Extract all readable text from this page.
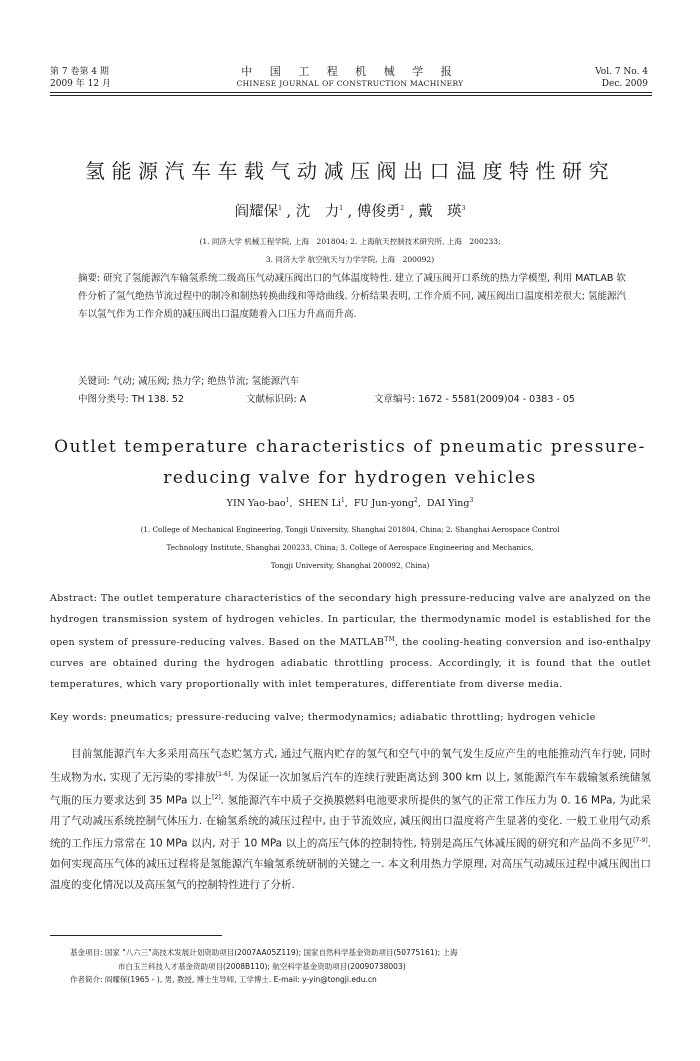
第 7 卷第 4 期
2009 年 12 月
中 国 工 程 机 械 学 报
CHINESE JOURNAL OF CONSTRUCTION MACHINERY
Vol. 7 No. 4
Dec. 2009
氢能源汽车车载气动减压阀出口温度特性研究
阎耀保$^1$ , 沈　力$^1$ , 傅俊勇$^2$ , 戴　瑛$^3$
(1. 同济大学 机械工程学院, 上海　201804; 2. 上海航天控制技术研究所, 上海　200233;
3. 同济大学 航空航天与力学学院, 上海　200092)
摘要: 研究了氢能源汽车输氢系统二级高压气动减压阀出口的气体温度特性. 建立了减压阀开口系统的热力学模型, 利用 MATLAB 软件分析了氢气绝热节流过程中的制冷和制热转换曲线和等焓曲线. 分析结果表明, 工作介质不同, 减压阀出口温度相差很大; 氢能源汽车以氢气作为工作介质的减压阀出口温度随着入口压力升高而升高.
关键词: 气动; 减压阀; 热力学; 绝热节流; 氢能源汽车
中图分类号: TH 138. 52	文献标识码: A	文章编号: 1672 - 5581(2009)04 - 0383 - 05
Outlet temperature characteristics of pneumatic pressure-
reducing valve for hydrogen vehicles
YIN Yao-bao$^1$,  SHEN Li$^1$,  FU Jun-yong$^2$,  DAI Ying$^3$
(1. College of Mechanical Engineering, Tongji University, Shanghai 201804, China; 2. Shanghai Aerospace Control
Technology Institute, Shanghai 200233, China; 3. College of Aerospace Engineering and Mechanics,
Tongji University, Shanghai 200092, China)
Abstract: The outlet temperature characteristics of the secondary high pressure-reducing valve are analyzed on the hydrogen transmission system of hydrogen vehicles. In particular, the thermodynamic model is established for the open system of pressure-reducing valves. Based on the MATLAB™, the cooling-heating conversion and iso-enthalpy curves are obtained during the hydrogen adiabatic throttling process. Accordingly, it is found that the outlet temperatures, which vary proportionally with inlet temperatures, differentiate from diverse media.
Key words: pneumatics; pressure-reducing valve; thermodynamics; adiabatic throttling; hydrogen vehicle
目前氢能源汽车大多采用高压气态贮氢方式, 通过气瓶内贮存的氢气和空气中的氧气发生反应产生的电能推动汽车行驶, 同时生成物为水, 实现了无污染的零排放[1-6]. 为保证一次加氢后汽车的连续行驶距离达到 300 km 以上, 氢能源汽车车载输氢系统储氢气瓶的压力要求达到 35 MPa 以上[2]. 氢能源汽车中质子交换膜燃料电池要求所提供的氢气的正常工作压力为 0. 16 MPa, 为此采用了气动减压系统控制气体压力. 在输氢系统的减压过程中, 由于节流效应, 减压阀出口温度将产生显著的变化. 一般工业用气动系统的工作压力常常在 10 MPa 以内, 对于 10 MPa 以上的高压气体的控制特性, 特别是高压气体减压阀的研究和产品尚不多见[7-9]. 如何实现高压气体的减压过程将是氢能源汽车输氢系统研制的关键之一. 本文利用热力学原理, 对高压气动减压过程中减压阀出口温度的变化情况以及高压氢气的控制特性进行了分析.
基金项目: 国家 "八六三"高技术发展计划资助项目(2007AA05Z119); 国家自然科学基金资助项目(50775161); 上海
市白玉兰科技人才基金资助项目(2008B110); 航空科学基金资助项目(20090738003)
作者简介: 阎耀保(1965 - ), 男, 教授, 博士生导师, 工学博士. E-mail: y-yin@tongji.edu.cn
